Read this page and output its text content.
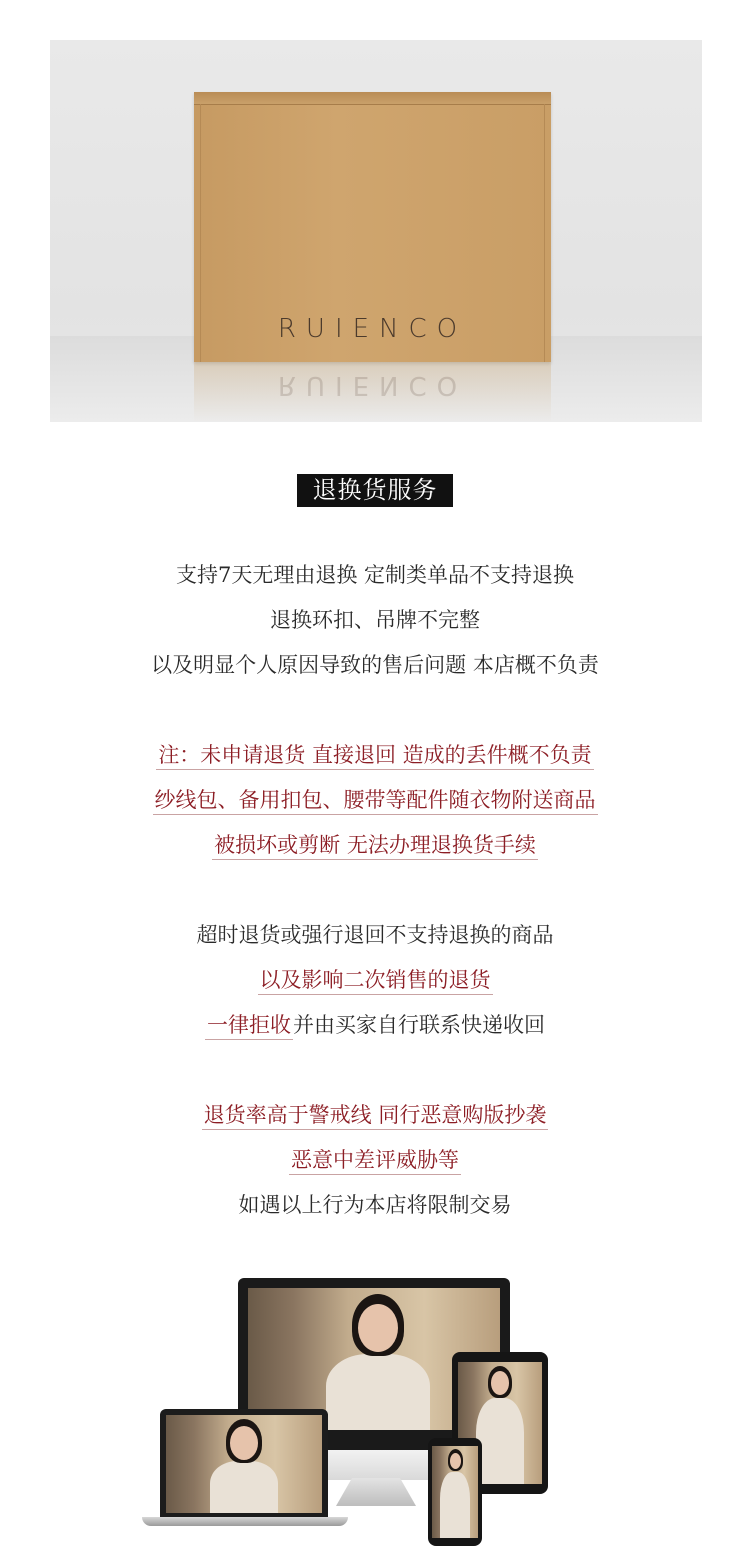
RUIENCO
RUIENCO
退换货服务
支持7天无理由退换 定制类单品不支持退换
退换环扣、吊牌不完整
以及明显个人原因导致的售后问题 本店概不负责
注：未申请退货 直接退回 造成的丢件概不负责
纱线包、备用扣包、腰带等配件随衣物附送商品
被损坏或剪断 无法办理退换货手续
超时退货或强行退回不支持退换的商品
以及影响二次销售的退货
一律拒收并由买家自行联系快递收回
退货率高于警戒线 同行恶意购版抄袭
恶意中差评威胁等
如遇以上行为本店将限制交易
